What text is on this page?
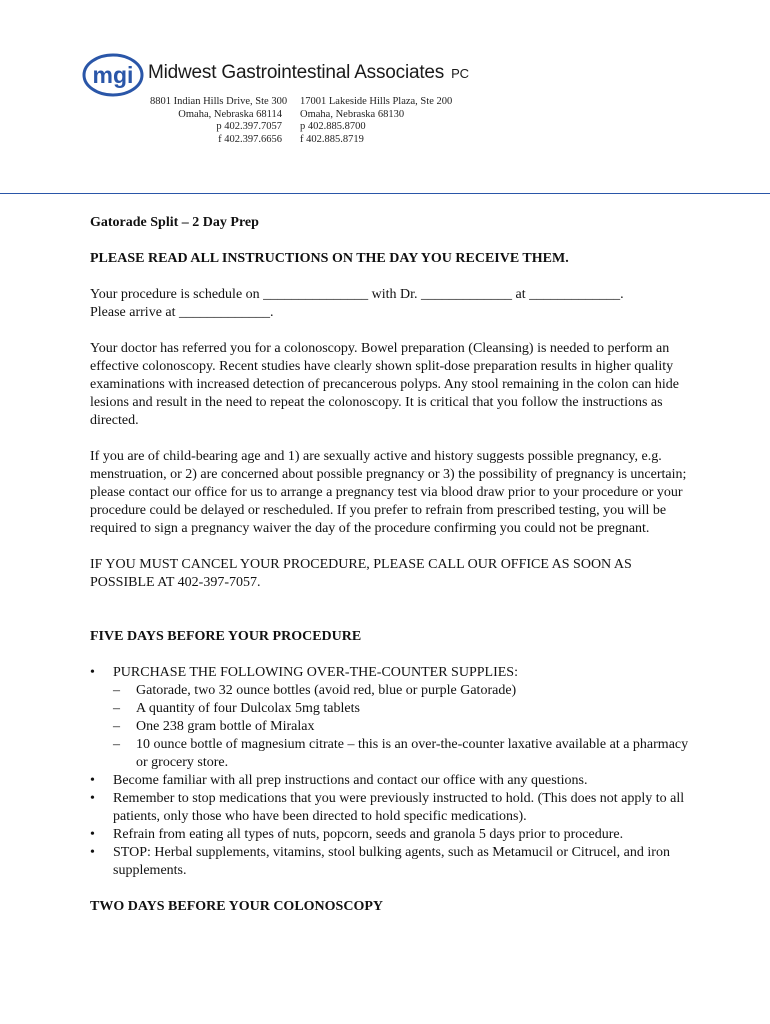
mgi Midwest Gastrointestinal Associates PC
8801 Indian Hills Drive, Ste 300
Omaha, Nebraska 68114
p 402.397.7057
f 402.397.6656
17001 Lakeside Hills Plaza, Ste 200
Omaha, Nebraska 68130
p 402.885.8700
f 402.885.8719

Gatorade Split – 2 Day Prep

PLEASE READ ALL INSTRUCTIONS ON THE DAY YOU RECEIVE THEM.

Your procedure is schedule on _______________ with Dr. _____________ at _____________.

Please arrive at _____________.

Your doctor has referred you for a colonoscopy. Bowel preparation (Cleansing) is needed to perform an effective colonoscopy. Recent studies have clearly shown split-dose preparation results in higher quality examinations with increased detection of precancerous polyps. Any stool remaining in the colon can hide lesions and result in the need to repeat the colonoscopy. It is critical that you follow the instructions as directed.

If you are of child-bearing age and 1) are sexually active and history suggests possible pregnancy, e.g. menstruation, or 2) are concerned about possible pregnancy or 3) the possibility of pregnancy is uncertain; please contact our office for us to arrange a pregnancy test via blood draw prior to your procedure or your procedure could be delayed or rescheduled. If you prefer to refrain from prescribed testing, you will be required to sign a pregnancy waiver the day of the procedure confirming you could not be pregnant.

IF YOU MUST CANCEL YOUR PROCEDURE, PLEASE CALL OUR OFFICE AS SOON AS POSSIBLE AT 402-397-7057.

FIVE DAYS BEFORE YOUR PROCEDURE

• PURCHASE THE FOLLOWING OVER-THE-COUNTER SUPPLIES:
– Gatorade, two 32 ounce bottles (avoid red, blue or purple Gatorade)
– A quantity of four Dulcolax 5mg tablets
– One 238 gram bottle of Miralax
– 10 ounce bottle of magnesium citrate – this is an over-the-counter laxative available at a pharmacy or grocery store.
• Become familiar with all prep instructions and contact our office with any questions.
• Remember to stop medications that you were previously instructed to hold. (This does not apply to all patients, only those who have been directed to hold specific medications).
• Refrain from eating all types of nuts, popcorn, seeds and granola 5 days prior to procedure.
• STOP: Herbal supplements, vitamins, stool bulking agents, such as Metamucil or Citrucel, and iron supplements.

TWO DAYS BEFORE YOUR COLONOSCOPY
